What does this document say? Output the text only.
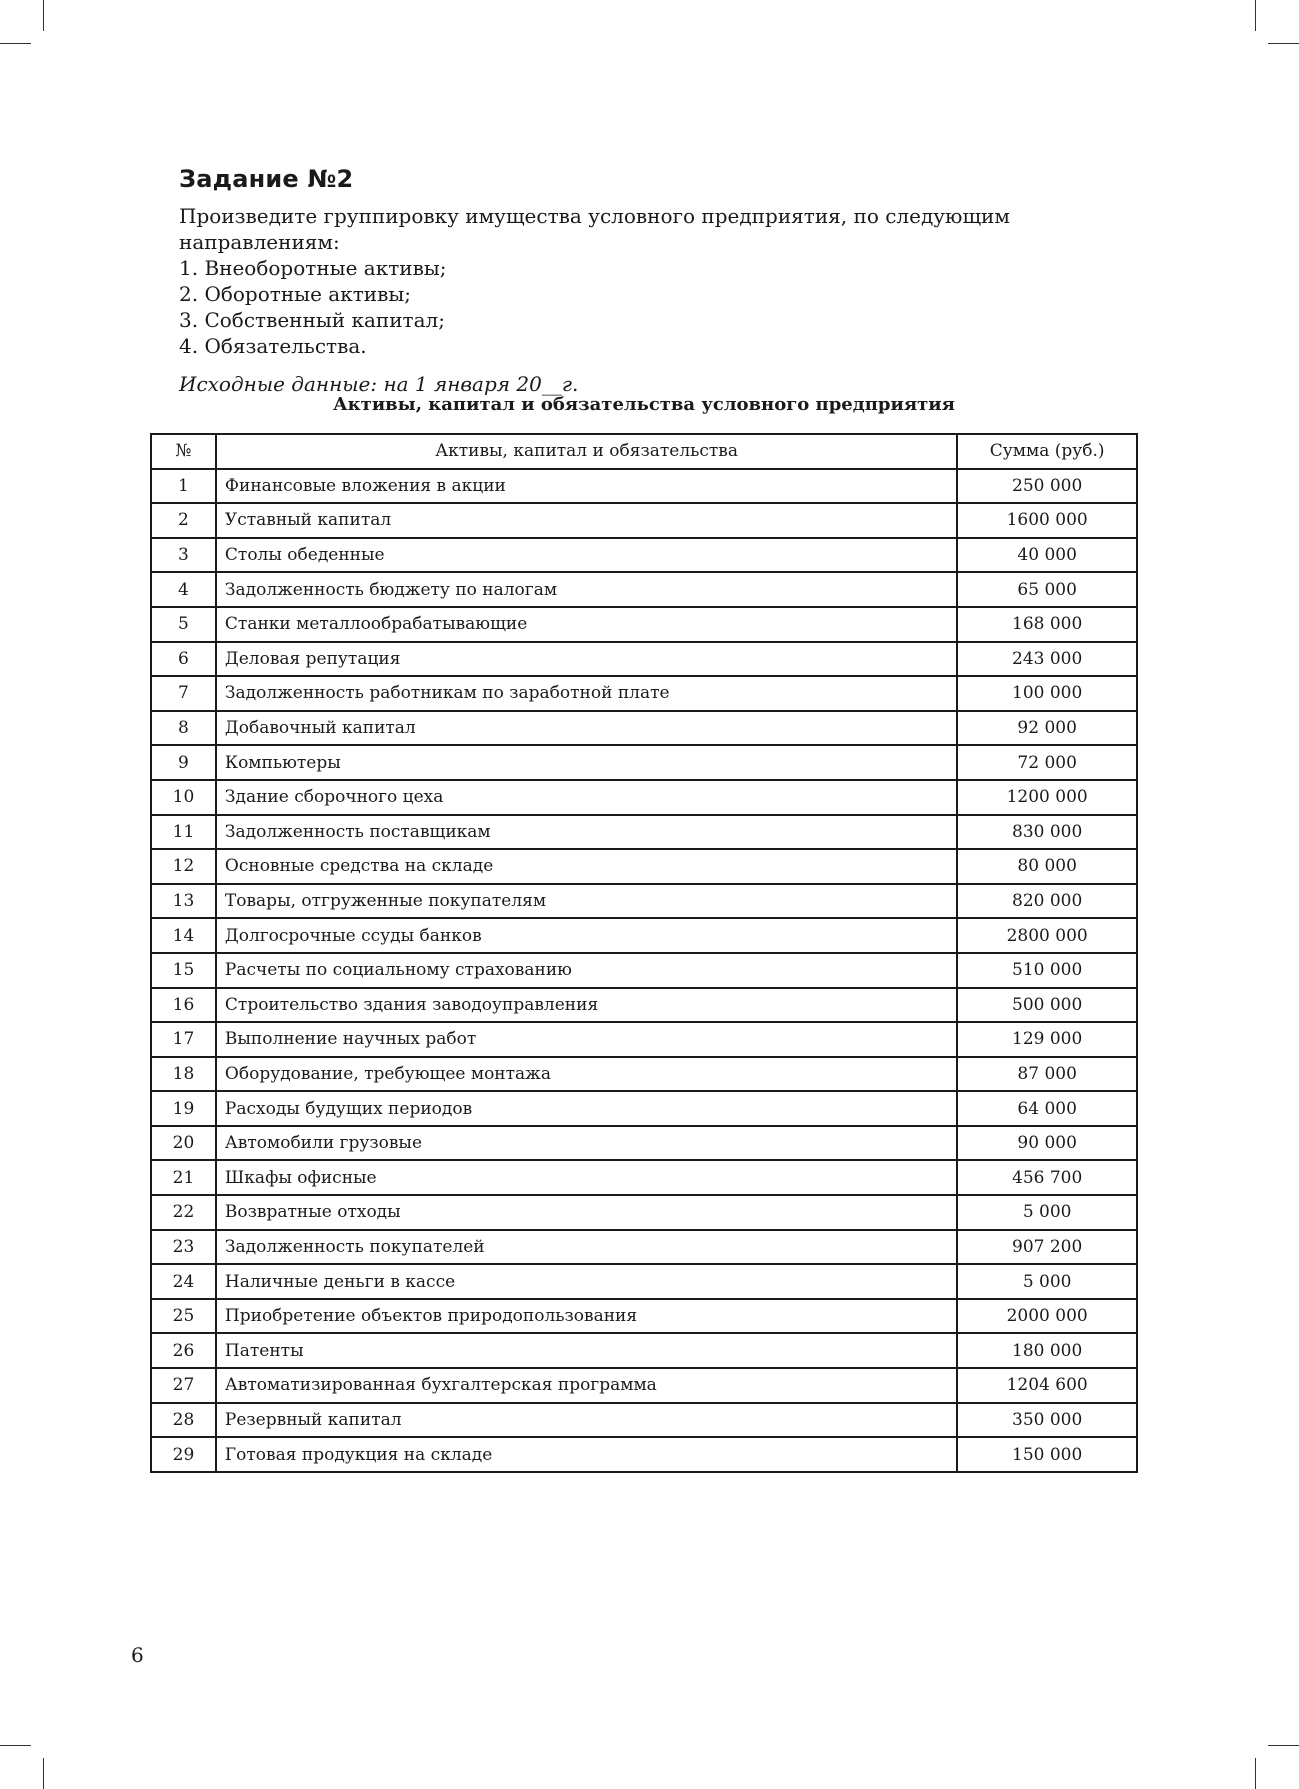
Задание №2

Произведите группировку имущества условного предприятия, по следующим направлениям:

1. Внеоборотные активы;
2. Оборотные активы;
3. Собственный капитал;
4. Обязательства.

Исходные данные: на 1 января 20__г.

Активы, капитал и обязательства условного предприятия
№	Активы, капитал и обязательства	Сумма (руб.)
1	Финансовые вложения в акции	250 000
2	Уставный капитал	1600 000
3	Столы обеденные	40 000
4	Задолженность бюджету по налогам	65 000
5	Станки металлообрабатывающие	168 000
6	Деловая репутация	243 000
7	Задолженность работникам по заработной плате	100 000
8	Добавочный капитал	92 000
9	Компьютеры	72 000
10	Здание сборочного цеха	1200 000
11	Задолженность поставщикам	830 000
12	Основные средства на складе	80 000
13	Товары, отгруженные покупателям	820 000
14	Долгосрочные ссуды банков	2800 000
15	Расчеты по социальному страхованию	510 000
16	Строительство здания заводоуправления	500 000
17	Выполнение научных работ	129 000
18	Оборудование, требующее монтажа	87 000
19	Расходы будущих периодов	64 000
20	Автомобили грузовые	90 000
21	Шкафы офисные	456 700
22	Возвратные отходы	5 000
23	Задолженность покупателей	907 200
24	Наличные деньги в кассе	5 000
25	Приобретение объектов природопользования	2000 000
26	Патенты	180 000
27	Автоматизированная бухгалтерская программа	1204 600
28	Резервный капитал	350 000
29	Готовая продукция на складе	150 000
6
